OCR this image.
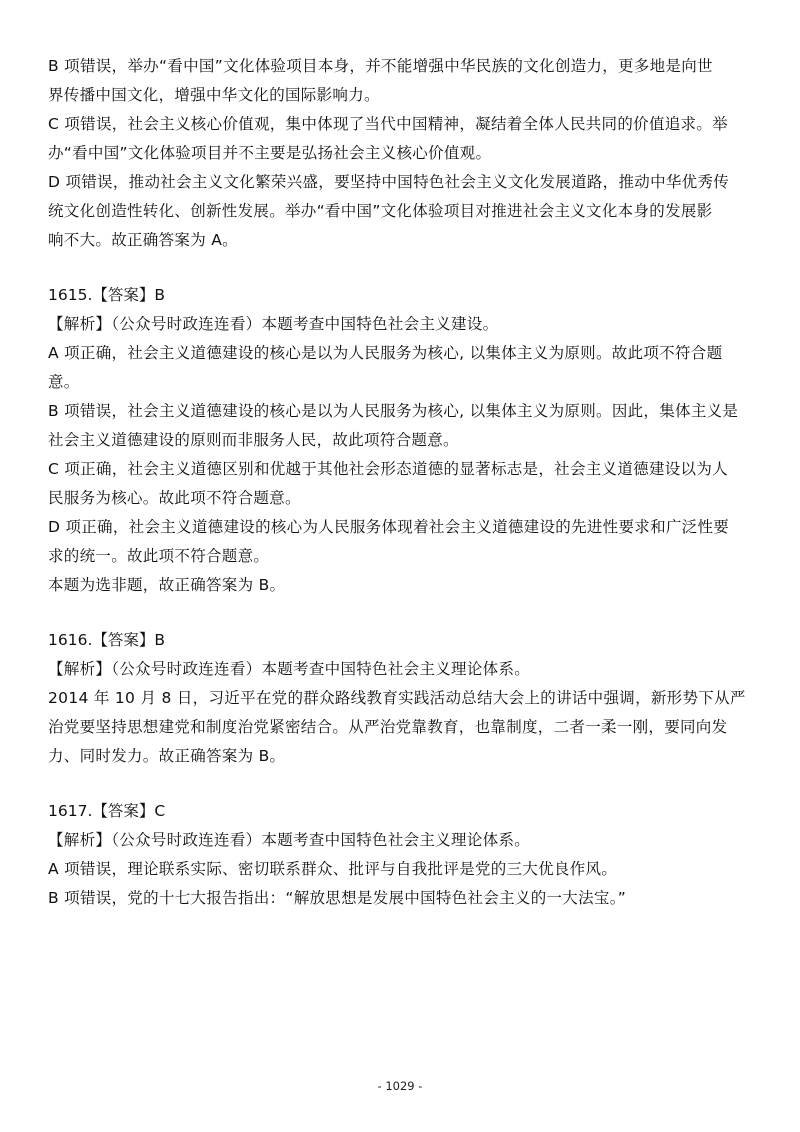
B 项错误，举办“看中国”文化体验项目本身，并不能增强中华民族的文化创造力，更多地是向世
界传播中国文化，增强中华文化的国际影响力。
C 项错误，社会主义核心价值观，集中体现了当代中国精神，凝结着全体人民共同的价值追求。举
办“看中国”文化体验项目并不主要是弘扬社会主义核心价值观。
D 项错误，推动社会主义文化繁荣兴盛，要坚持中国特色社会主义文化发展道路，推动中华优秀传
统文化创造性转化、创新性发展。举办“看中国”文化体验项目对推进社会主义文化本身的发展影
响不大。故正确答案为 A。
1615.【答案】B
【解析】（公众号时政连连看）本题考查中国特色社会主义建设。
A 项正确，社会主义道德建设的核心是以为人民服务为核心, 以集体主义为原则。故此项不符合题
意。
B 项错误，社会主义道德建设的核心是以为人民服务为核心, 以集体主义为原则。因此，集体主义是
社会主义道德建设的原则而非服务人民，故此项符合题意。
C 项正确，社会主义道德区别和优越于其他社会形态道德的显著标志是，社会主义道德建设以为人
民服务为核心。故此项不符合题意。
D 项正确，社会主义道德建设的核心为人民服务体现着社会主义道德建设的先进性要求和广泛性要
求的统一。故此项不符合题意。
本题为选非题，故正确答案为 B。
1616.【答案】B
【解析】（公众号时政连连看）本题考查中国特色社会主义理论体系。
2014 年 10 月 8 日，习近平在党的群众路线教育实践活动总结大会上的讲话中强调，新形势下从严
治党要坚持思想建党和制度治党紧密结合。从严治党靠教育，也靠制度，二者一柔一刚，要同向发
力、同时发力。故正确答案为 B。
1617.【答案】C
【解析】（公众号时政连连看）本题考查中国特色社会主义理论体系。
A 项错误，理论联系实际、密切联系群众、批评与自我批评是党的三大优良作风。
B 项错误，党的十七大报告指出：“解放思想是发展中国特色社会主义的一大法宝。”
- 1029 -
